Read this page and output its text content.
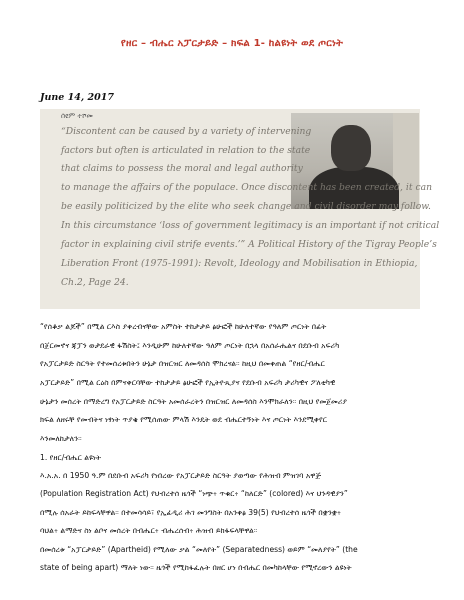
የዘር – ብሔር አፓርታይድ – ክፍል 1- ከልዩነት ወደ ጦርነት
June 14, 2017
ሰዩም ተሾመ
“Discontent can be caused by a variety of intervening
factors but often is articulated in relation to the state
that claims to possess the moral and legal authority
to manage the affairs of the populace. Once discontent has been created, it can
be easily politicized by the elite who seek change and civil disorder may follow.
In this circumstance ‘loss of government legitimacy is an important if not critical
factor in explaining civil strife events.’” A Political History of the Tigray People’s
Liberation Front (1975-1991): Revolt, Ideology and Mobilisation in Ethiopia,
Ch.2, Page 24.
“የሰቆቃ ልጆች” በሚል ርእስ ያቀረብናቸው አምስት ተከታታይ ፅሁፎች ከሁለተኛው የዓለም ጦርነት በፊት
በጀርመኖና ጃፓን ወታደራዊ ፋሽስት፤ እንዲሁም ከሁለተኛው ዓለም ጦርነት በኋላ በአሰራሔልና በደቡብ አፍሪካ
የአፓርታይድ ስርዓት የተመሰረቱበትን ሁኔታ በዝርዝር ለመዳሰስ ሞክረናል። ከዚህ በመቀጠል “የዘር/ብሔር
አፓርታይድ” በሚል ርዕስ በምናቀርባቸው ተከታታይ ፅሁፎች የኢትዮጲያና የደቡብ አፍሪካ ታሪካዊና ፖለቲካዊ
ሁኔታን መሰረት በማድረግ የአፓርታይድ ስርዓት አመሰራረትን በዝርዝር ለመዳሰስ እንሞክራለን። በዚህ የመጀመሪያ
ክፍል ለዘሩቸ የመብትና ነፃነት ጥያቄ የሚሰጠው ምላሽ እንዴት ወደ ብሔርተኝነት እና ጦርነት እንደሚቀየር
እንመለከታለን።
1. የዘር/ብሔር ልዩነት
እ.አ.አ. በ 1950 ዓ.ም በደቡብ አፍሪካ የነበረው የአፓርታይድ ስርዓት ያወጣው የሕዝብ ምዝገባ አዋጅ
(Population Registration Act) የህብረተሰ ዜጎች “ነጭ፥ ጥቁር፥ “ከለርድ” (colored) እና ህንዳዊያን”
በሚሉ ሰአራት ይከፍላቸዋል። በተመሳሳይ፣ የኢፊዲሪ ሕገ መንግስት በአንቀፅ 39(5) የህብረተሰ ዜጎች በቋንቋ፥
ባህል፥ ልማድና ስነ ልቦና መሰረት በብሔር፥ ብሔረሰብ፥ ሕዝብ ይከፋፍላቸዋል።
በመሰረቱ “አፓርታይድ” (Apartheid) የሚለው ቃል “መለየት” (Separatedness) ወይም “መለያየት” (the
state of being apart) ማለት ነው። ዜጎች የሚከፋፈሉት በዘር ሆነ በብሔር በመካከላቸው የሚኖረውን ልዩነት
